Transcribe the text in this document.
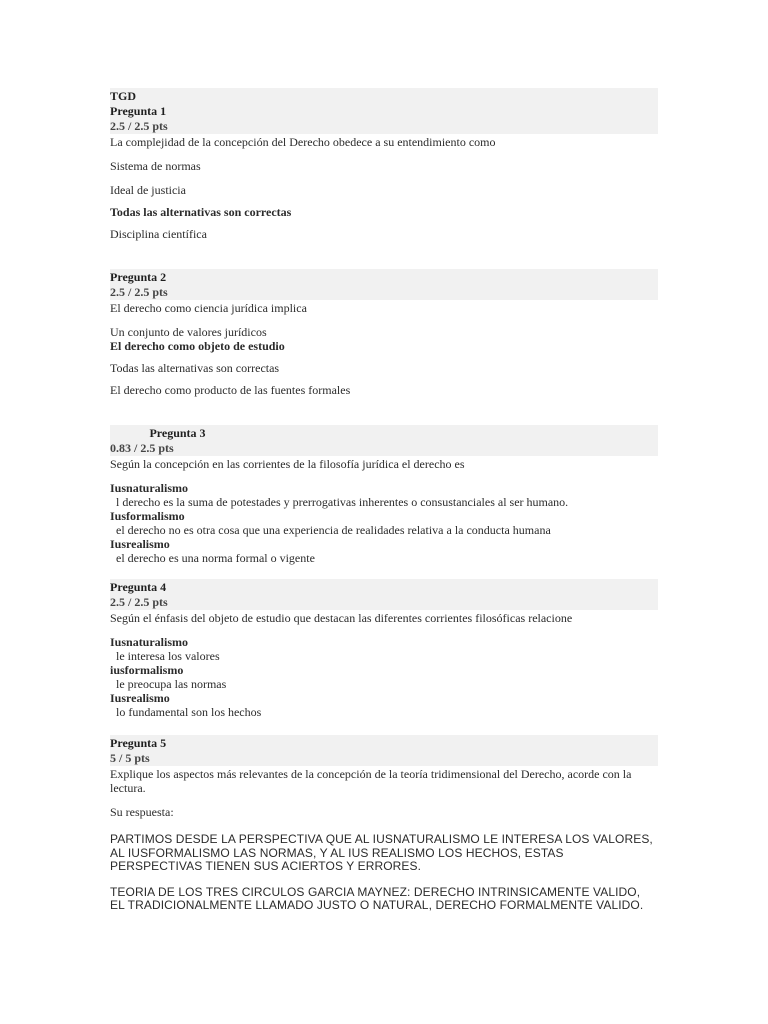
TGD
Pregunta 1
2.5 / 2.5 pts
La complejidad de la concepción del Derecho obedece a su entendimiento como
Sistema de normas
Ideal de justicia
Todas las alternativas son correctas
Disciplina científica
Pregunta 2
2.5 / 2.5 pts
El derecho como ciencia jurídica implica
Un conjunto de valores jurídicos
El derecho como objeto de estudio
Todas las alternativas son correctas
El derecho como producto de las fuentes formales
Parcial Pregunta 3
0.83 / 2.5 pts
Según la concepción en las corrientes de la filosofía jurídica el derecho es
Iusnaturalismo
l derecho es la suma de potestades y prerrogativas inherentes o consustanciales al ser humano.
Iusformalismo
el derecho no es otra cosa que una experiencia de realidades relativa a la conducta humana
Iusrealismo
el derecho es una norma formal o vigente
Pregunta 4
2.5 / 2.5 pts
Según el énfasis del objeto de estudio que destacan las diferentes corrientes filosóficas relacione
Iusnaturalismo
le interesa los valores
iusformalismo
le preocupa las normas
Iusrealismo
lo fundamental son los hechos
Pregunta 5
5 / 5 pts
Explique los aspectos más relevantes de la concepción de la teoría tridimensional del Derecho, acorde con la lectura.
Su respuesta:
PARTIMOS DESDE LA PERSPECTIVA QUE AL IUSNATURALISMO LE INTERESA LOS VALORES, AL IUSFORMALISMO LAS NORMAS, Y AL IUS REALISMO LOS HECHOS, ESTAS PERSPECTIVAS TIENEN SUS ACIERTOS Y ERRORES.
TEORIA DE LOS TRES CIRCULOS GARCIA MAYNEZ: DERECHO INTRINSICAMENTE VALIDO, EL TRADICIONALMENTE LLAMADO JUSTO O NATURAL, DERECHO FORMALMENTE VALIDO.
